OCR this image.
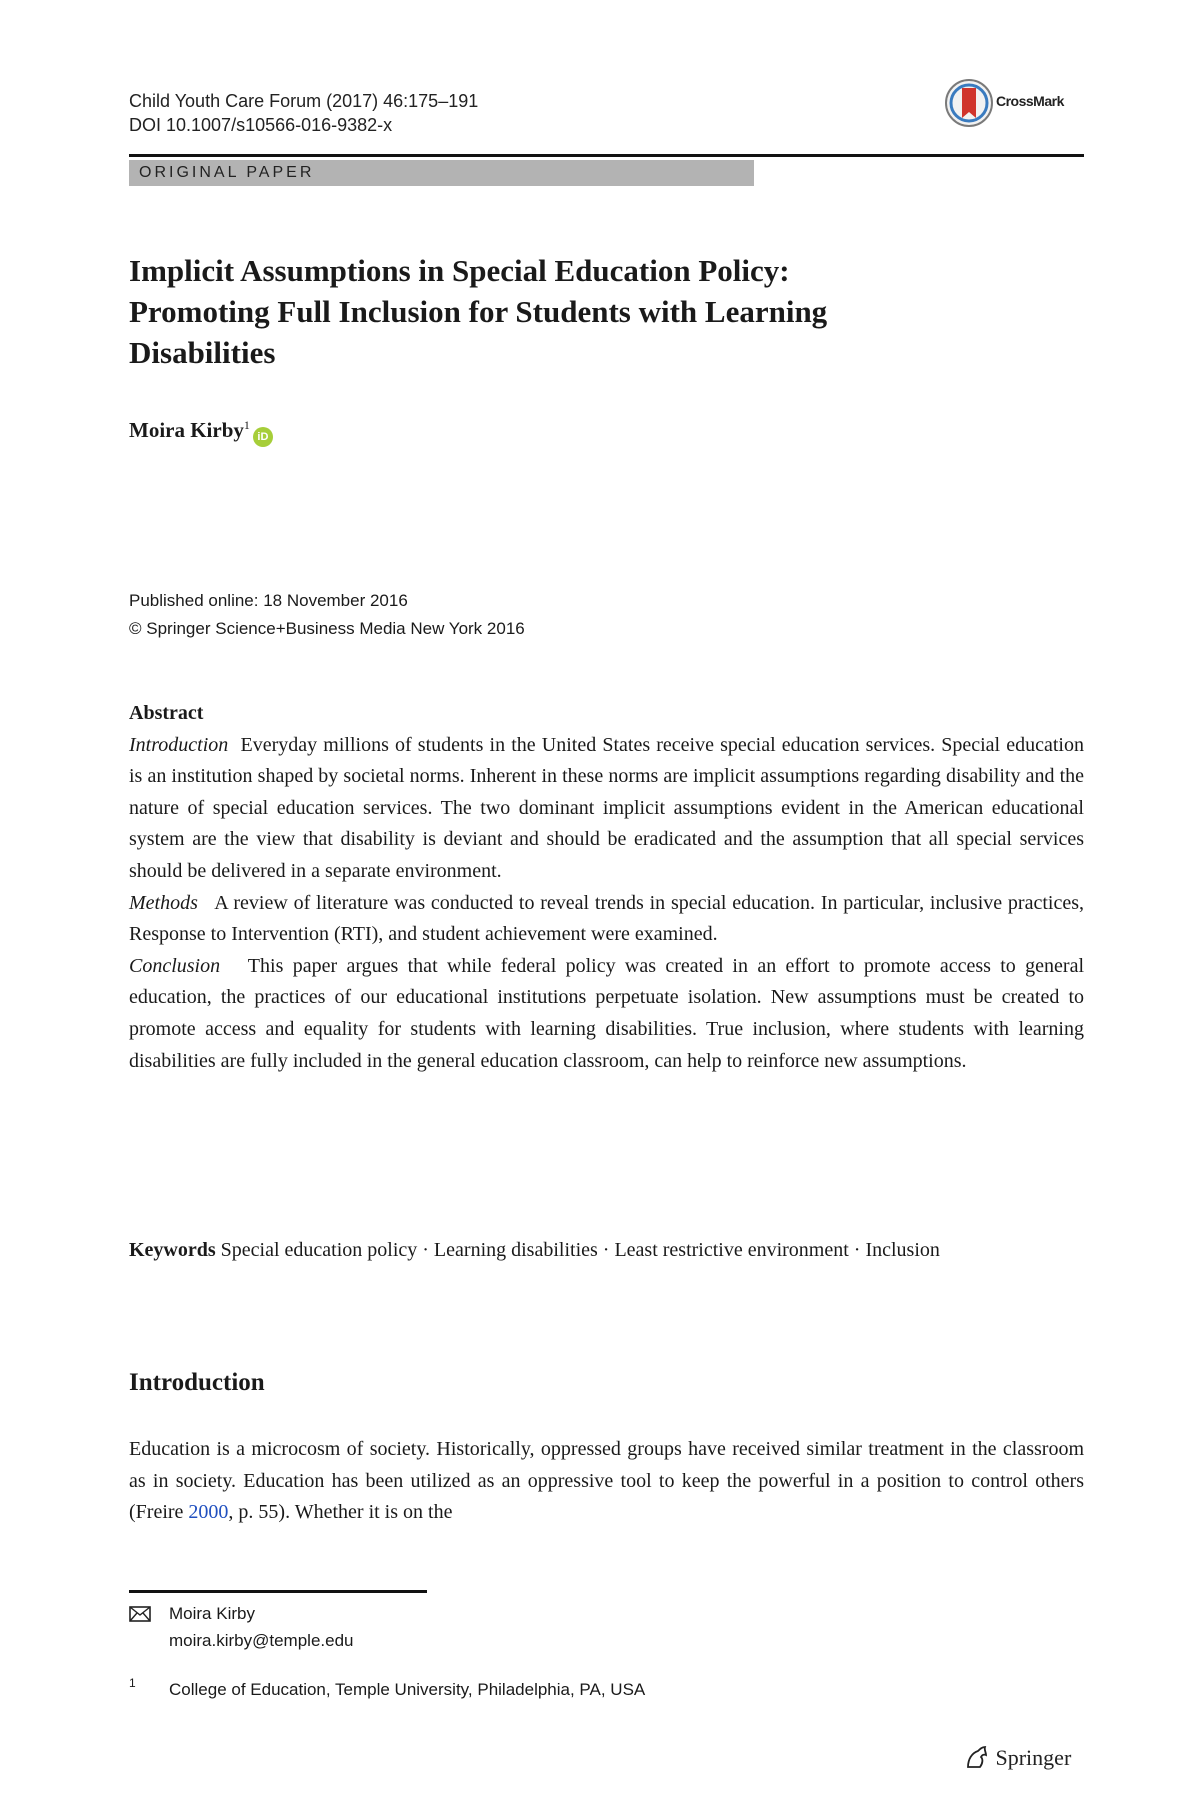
Child Youth Care Forum (2017) 46:175–191
DOI 10.1007/s10566-016-9382-x
CrossMark
ORIGINAL PAPER
Implicit Assumptions in Special Education Policy:
Promoting Full Inclusion for Students with Learning
Disabilities
Moira Kirby$^1$iD
Published online: 18 November 2016
© Springer Science+Business Media New York 2016
Abstract

Introduction Everyday millions of students in the United States receive special education services. Special education is an institution shaped by societal norms. Inherent in these norms are implicit assumptions regarding disability and the nature of special education services. The two dominant implicit assumptions evident in the American educational system are the view that disability is deviant and should be eradicated and the assumption that all special services should be delivered in a separate environment.

Methods A review of literature was conducted to reveal trends in special education. In particular, inclusive practices, Response to Intervention (RTI), and student achievement were examined.

Conclusion This paper argues that while federal policy was created in an effort to promote access to general education, the practices of our educational institutions perpetuate isolation. New assumptions must be created to promote access and equality for students with learning disabilities. True inclusion, where students with learning disabilities are fully included in the general education classroom, can help to reinforce new assumptions.

Keywords Special education policy · Learning disabilities · Least restrictive environment · Inclusion
Introduction

Education is a microcosm of society. Historically, oppressed groups have received similar treatment in the classroom as in society. Education has been utilized as an oppressive tool to keep the powerful in a position to control others (Freire 2000, p. 55). Whether it is on the

Moira Kirby
moira.kirby@temple.edu
1 College of Education, Temple University, Philadelphia, PA, USA
Springer
